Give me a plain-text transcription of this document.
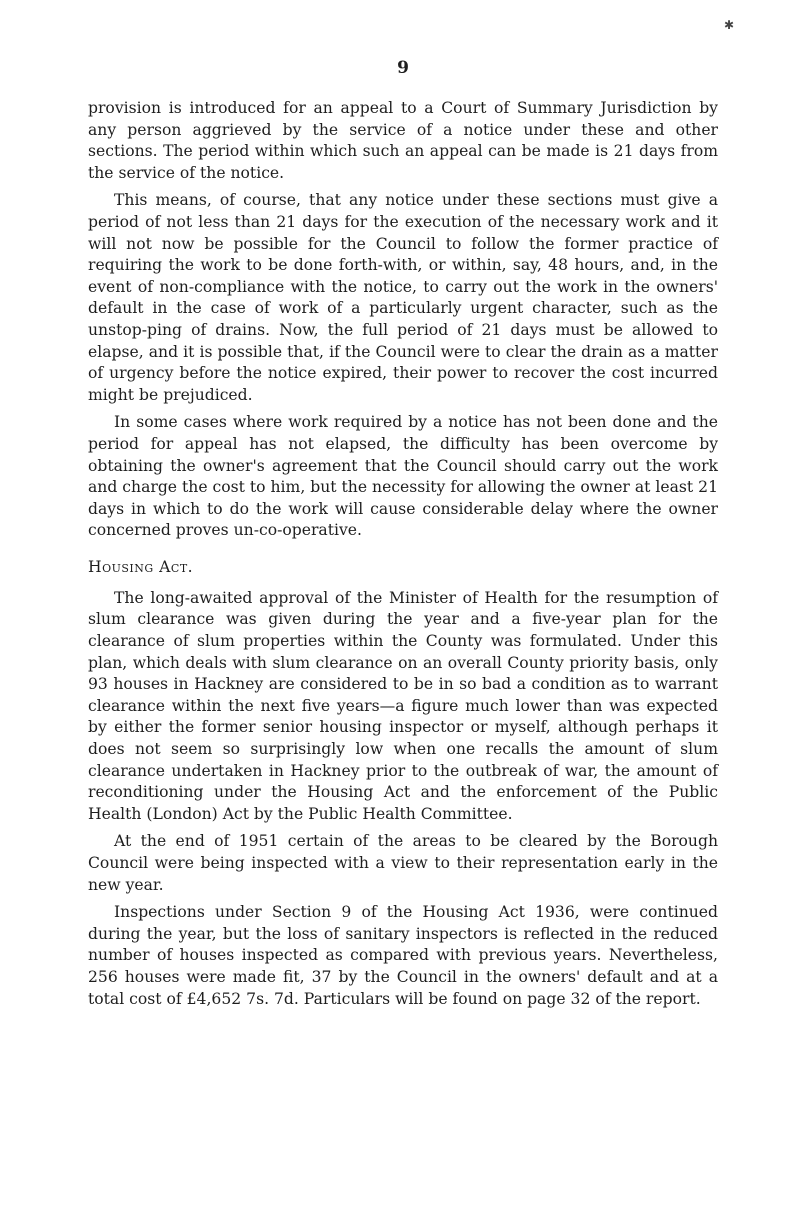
✱
9

provision is introduced for an appeal to a Court of Summary Jurisdiction by any person aggrieved by the service of a notice under these and other sections. The period within which such an appeal can be made is 21 days from the service of the notice.

This means, of course, that any notice under these sections must give a period of not less than 21 days for the execution of the necessary work and it will not now be possible for the Council to follow the former practice of requiring the work to be done forth-with, or within, say, 48 hours, and, in the event of non-compliance with the notice, to carry out the work in the owners' default in the case of work of a particularly urgent character, such as the unstop-ping of drains. Now, the full period of 21 days must be allowed to elapse, and it is possible that, if the Council were to clear the drain as a matter of urgency before the notice expired, their power to recover the cost incurred might be prejudiced.

In some cases where work required by a notice has not been done and the period for appeal has not elapsed, the difficulty has been overcome by obtaining the owner's agreement that the Council should carry out the work and charge the cost to him, but the necessity for allowing the owner at least 21 days in which to do the work will cause considerable delay where the owner concerned proves un-co-operative.

Housing Act.

The long-awaited approval of the Minister of Health for the resumption of slum clearance was given during the year and a five-year plan for the clearance of slum properties within the County was formulated. Under this plan, which deals with slum clearance on an overall County priority basis, only 93 houses in Hackney are considered to be in so bad a condition as to warrant clearance within the next five years—a figure much lower than was expected by either the former senior housing inspector or myself, although perhaps it does not seem so surprisingly low when one recalls the amount of slum clearance undertaken in Hackney prior to the outbreak of war, the amount of reconditioning under the Housing Act and the enforcement of the Public Health (London) Act by the Public Health Committee.

At the end of 1951 certain of the areas to be cleared by the Borough Council were being inspected with a view to their representation early in the new year.

Inspections under Section 9 of the Housing Act 1936, were continued during the year, but the loss of sanitary inspectors is reflected in the reduced number of houses inspected as compared with previous years. Nevertheless, 256 houses were made fit, 37 by the Council in the owners' default and at a total cost of £4,652 7s. 7d. Particulars will be found on page 32 of the report.
